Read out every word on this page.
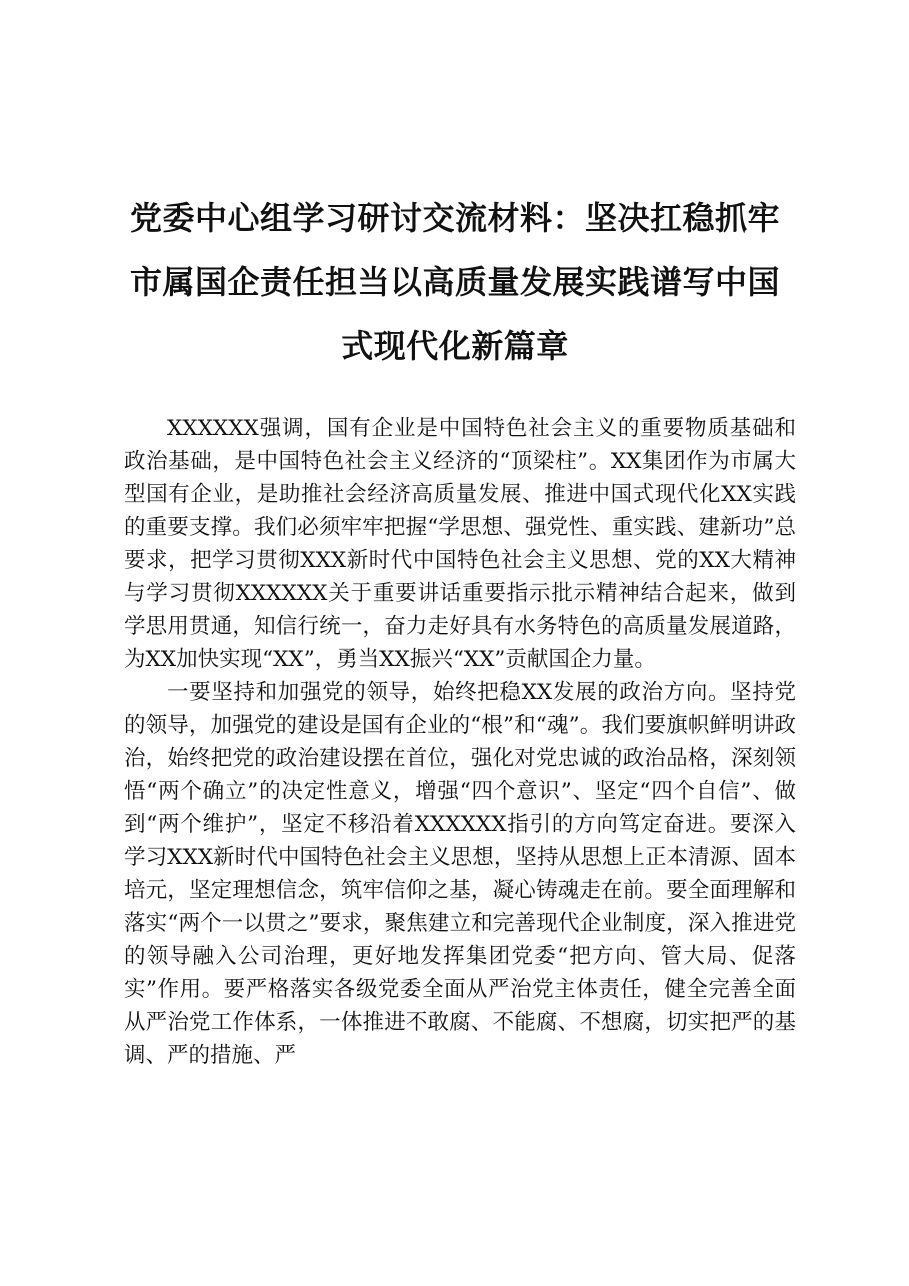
党委中心组学习研讨交流材料：坚决扛稳抓牢
市属国企责任担当以高质量发展实践谱写中国
式现代化新篇章

XXXXXX强调，国有企业是中国特色社会主义的重要物质基础和政治基础，是中国特色社会主义经济的“顶梁柱”。XX集团作为市属大型国有企业，是助推社会经济高质量发展、推进中国式现代化XX实践的重要支撑。我们必须牢牢把握“学思想、强党性、重实践、建新功”总要求，把学习贯彻XXX新时代中国特色社会主义思想、党的XX大精神与学习贯彻XXXXXX关于重要讲话重要指示批示精神结合起来，做到学思用贯通，知信行统一，奋力走好具有水务特色的高质量发展道路，为XX加快实现“XX”，勇当XX振兴“XX”贡献国企力量。

一要坚持和加强党的领导，始终把稳XX发展的政治方向。坚持党的领导，加强党的建设是国有企业的“根”和“魂”。我们要旗帜鲜明讲政治，始终把党的政治建设摆在首位，强化对党忠诚的政治品格，深刻领悟“两个确立”的决定性意义，增强“四个意识”、坚定“四个自信”、做到“两个维护”，坚定不移沿着XXXXXX指引的方向笃定奋进。要深入学习XXX新时代中国特色社会主义思想，坚持从思想上正本清源、固本培元，坚定理想信念，筑牢信仰之基，凝心铸魂走在前。要全面理解和落实“两个一以贯之”要求，聚焦建立和完善现代企业制度，深入推进党的领导融入公司治理，更好地发挥集团党委“把方向、管大局、促落实”作用。要严格落实各级党委全面从严治党主体责任，健全完善全面从严治党工作体系，一体推进不敢腐、不能腐、不想腐，切实把严的基调、严的措施、严
